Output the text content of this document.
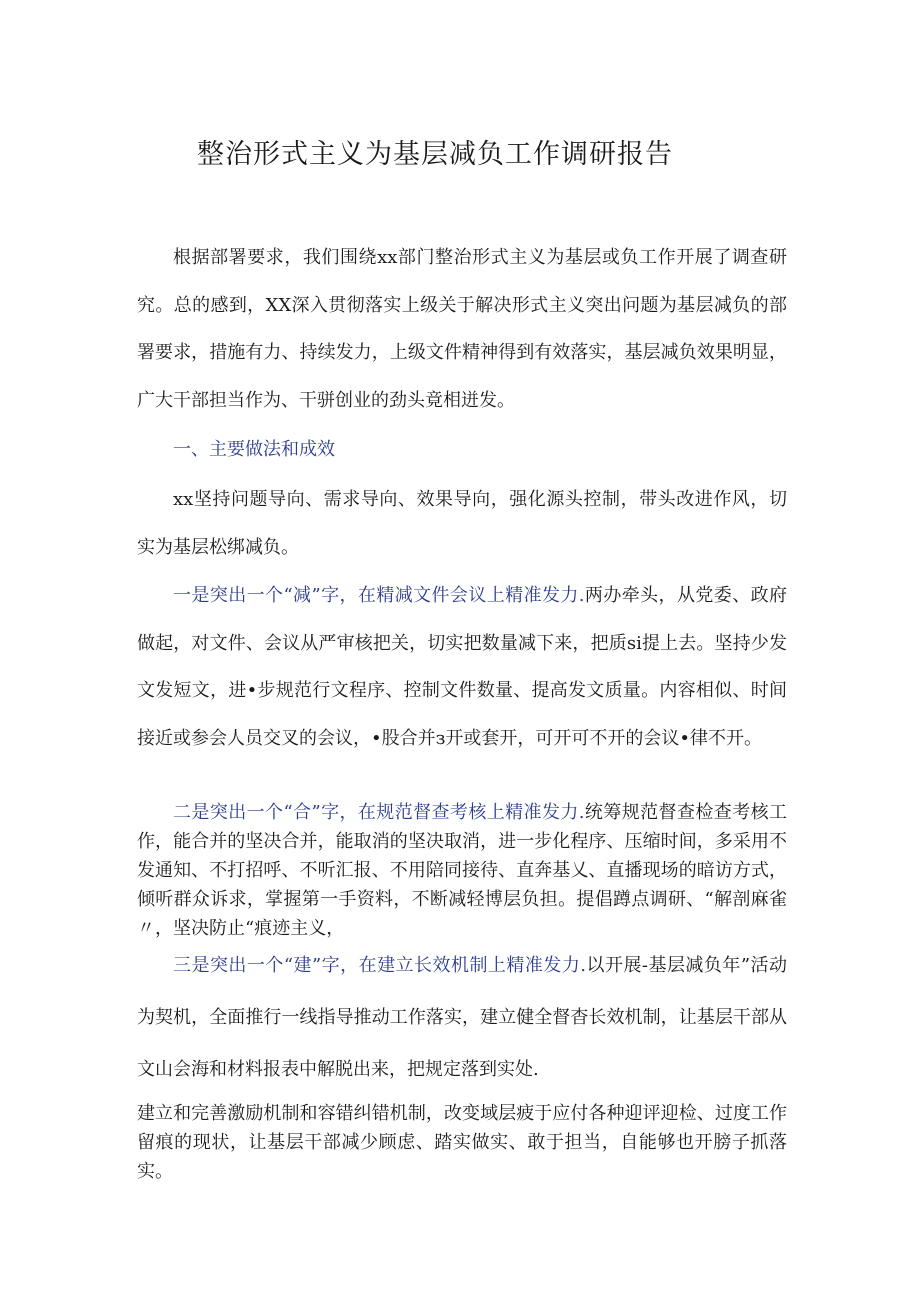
整治形式主义为基层减负工作调研报告

根据部署要求，我们围绕xx部门整治形式主义为基层或负工作开展了调查研究。总的感到，XX深入贯彻落实上级关于解决形式主义突出问题为基层减负的部署要求，措施有力、持续发力，上级文件精神得到有效落实，基层减负效果明显，广大干部担当作为、干骈创业的劲头竟相迸发。

一、主要做法和成效

xx坚持问题导向、需求导向、效果导向，强化源头控制，带头改进作风，切实为基层松绑减负。

一是突出一个“减”字，在精减文件会议上精准发力.两办牵头，从党委、政府做起，对文件、会议从严审核把关，切实把数量减下来，把质si提上去。坚持少发文发短文，进•步规范行文程序、控制文件数量、提高发文质量。内容相似、时间接近或参会人员交叉的会议，•股合并з开或套开，可开可不开的会议•律不开。

二是突出一个“合”字，在规范督查考核上精准发力.统筹规范督查检查考核工作，能合并的坚决合并，能取消的坚决取消，进一步化程序、压缩时间，多采用不发通知、不打招呼、不听汇报、不用陪同接待、直奔基乂、直播现场的暗访方式，倾听群众诉求，掌握第一手资料，不断减轻博层负担。提倡蹲点调研、“解剖麻雀〃，坚决防止“痕迹主义，

三是突出一个“建”字，在建立长效机制上精准发力.以开展-基层减负年”活动为契机，全面推行一线指导推动工作落实，建立健全督杳长效机制，让基层干部从文山会海和材料报表中解脱出来，把规定落到实处.

建立和完善激励机制和容错纠错机制，改变域层疲于应付各种迎评迎检、过度工作留痕的现状，让基层干部减少顾虑、踏实做实、敢于担当，自能够也开膀子抓落实。
